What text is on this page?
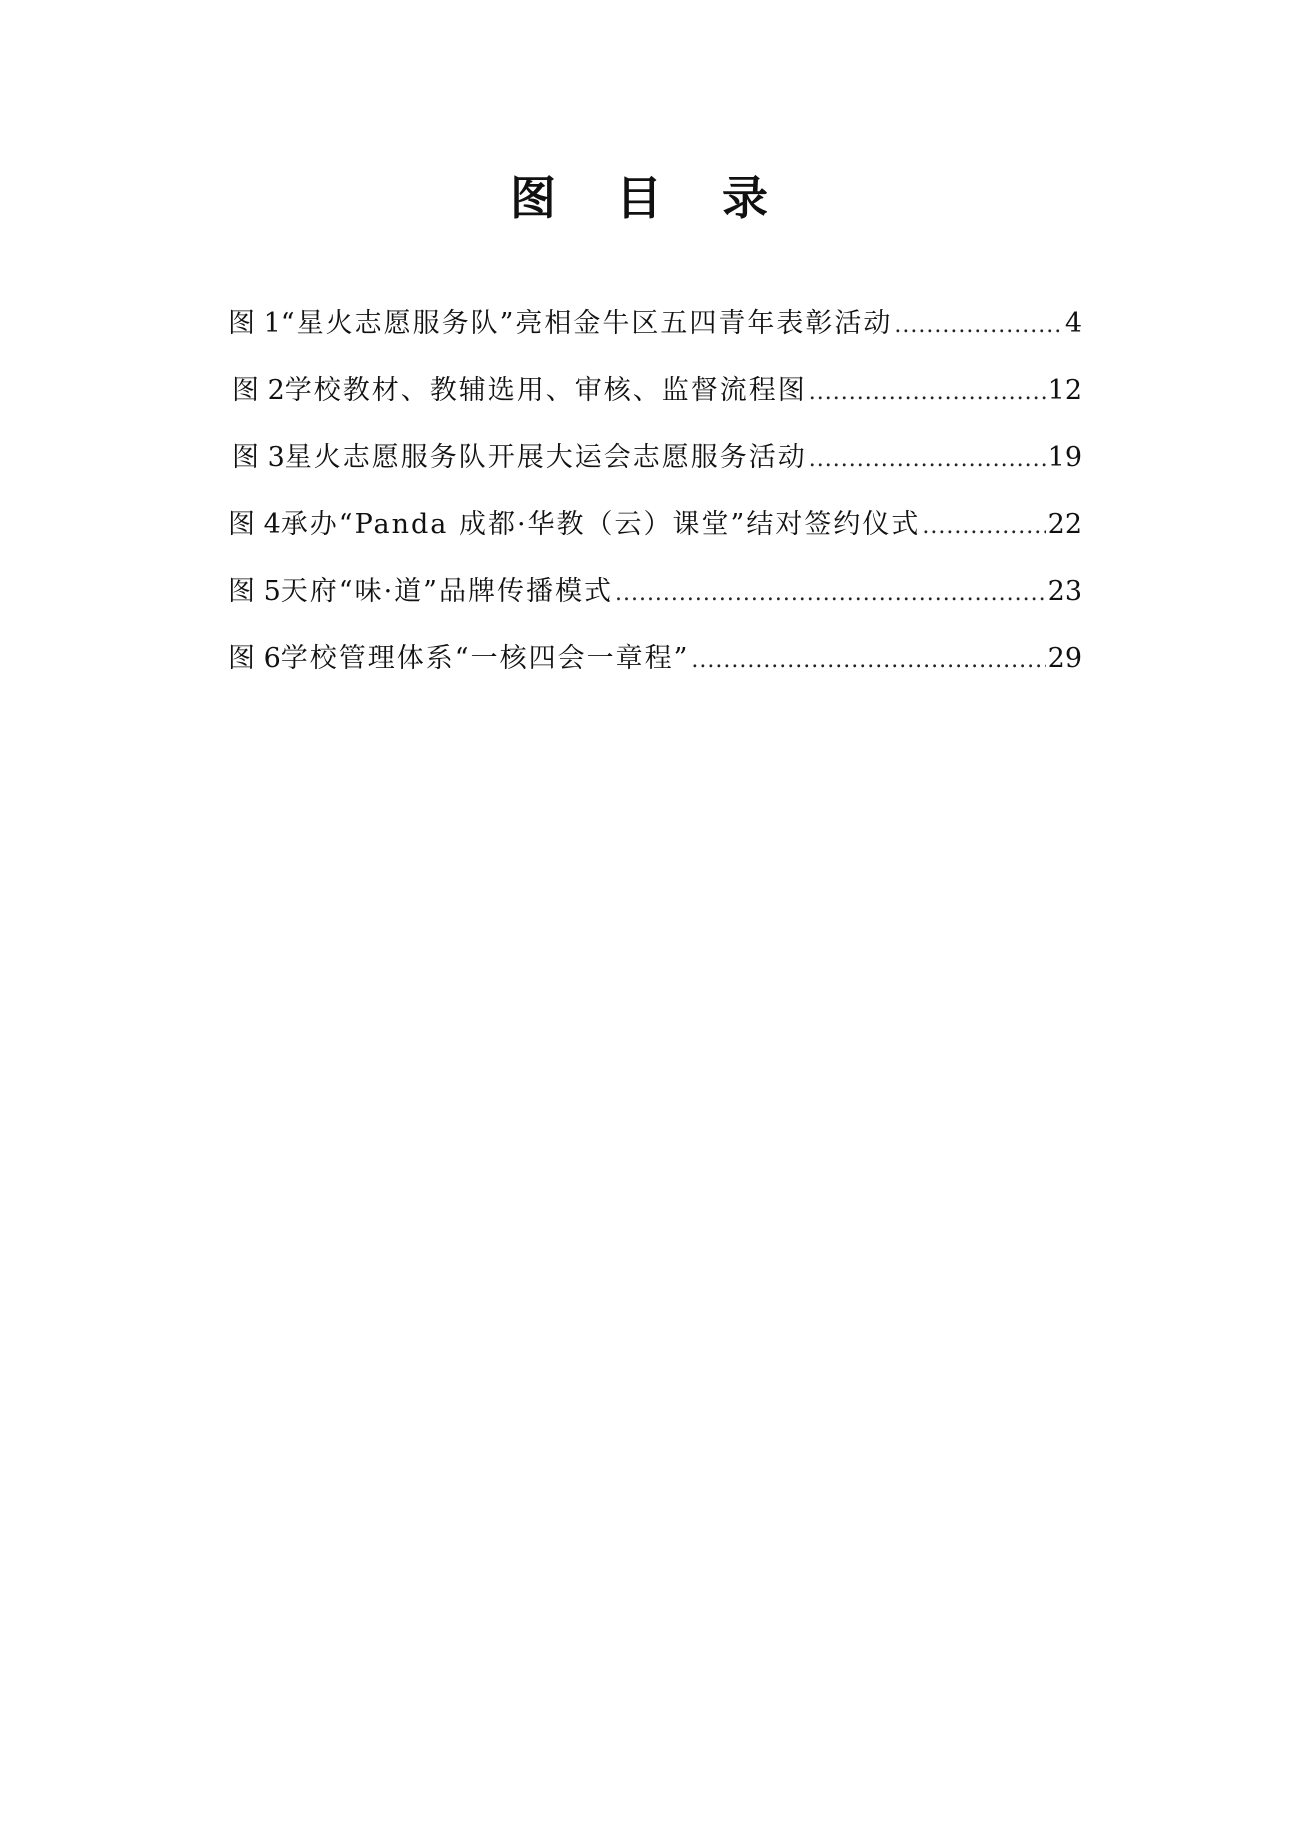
图 目 录
图 1 “星火志愿服务队”亮相金牛区五四青年表彰活动 .....	4
图 2 学校教材、教辅选用、审核、监督流程图 .....	12
图 3 星火志愿服务队开展大运会志愿服务活动 .....	19
图 4 承办“Panda 成都·华教（云）课堂”结对签约仪式 .....	22
图 5 天府“味·道”品牌传播模式 .....	23
图 6 学校管理体系“一核四会一章程” .....	29
